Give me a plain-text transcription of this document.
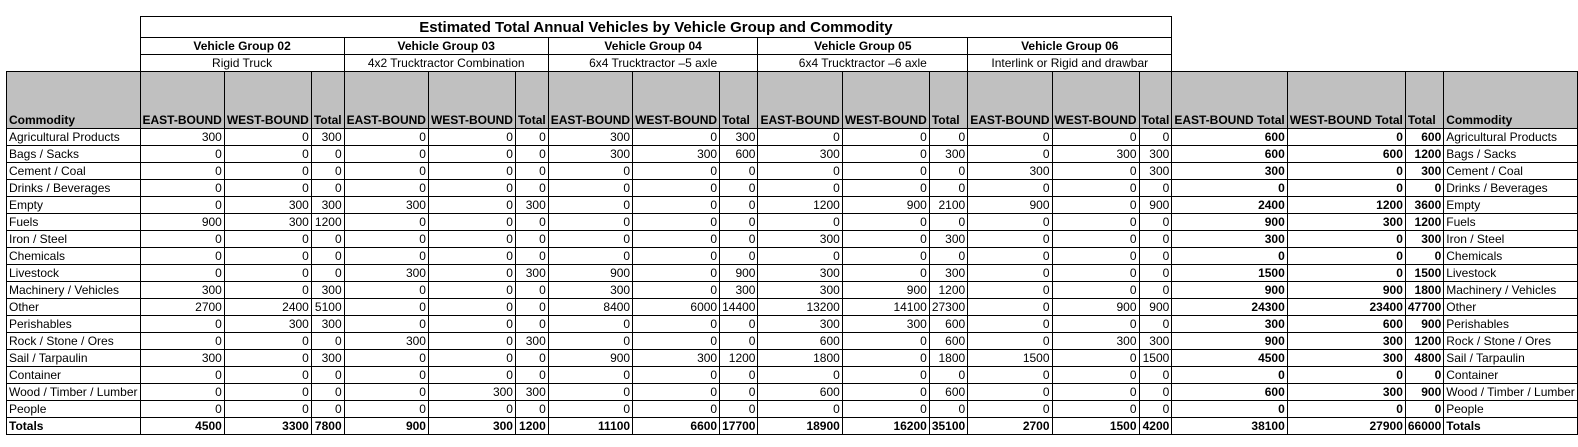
	Estimated Total Annual Vehicles by Vehicle Group and Commodity																		
	Vehicle Group 02			Vehicle Group 03			Vehicle Group 04			Vehicle Group 05			Vehicle Group 06						
	Rigid Truck			4x2 Trucktractor Combination			6x4 Trucktractor –5 axle			6x4 Trucktractor –6 axle			Interlink or Rigid and drawbar						
Commodity	EAST-BOUND	WEST-BOUND	Total	EAST-BOUND	WEST-BOUND	Total	EAST-BOUND	WEST-BOUND	Total	EAST-BOUND	WEST-BOUND	Total	EAST-BOUND	WEST-BOUND	Total	EAST-BOUND Total	WEST-BOUND Total	Total	Commodity
Agricultural Products	300	0	300	0	0	0	300	0	300	0	0	0	0	0	0	600	0	600	Agricultural Products
Bags / Sacks	0	0	0	0	0	0	300	300	600	300	0	300	0	300	300	600	600	1200	Bags / Sacks
Cement / Coal	0	0	0	0	0	0	0	0	0	0	0	0	300	0	300	300	0	300	Cement / Coal
Drinks / Beverages	0	0	0	0	0	0	0	0	0	0	0	0	0	0	0	0	0	0	Drinks / Beverages
Empty	0	300	300	300	0	300	0	0	0	1200	900	2100	900	0	900	2400	1200	3600	Empty
Fuels	900	300	1200	0	0	0	0	0	0	0	0	0	0	0	0	900	300	1200	Fuels
Iron / Steel	0	0	0	0	0	0	0	0	0	300	0	300	0	0	0	300	0	300	Iron / Steel
Chemicals	0	0	0	0	0	0	0	0	0	0	0	0	0	0	0	0	0	0	Chemicals
Livestock	0	0	0	300	0	300	900	0	900	300	0	300	0	0	0	1500	0	1500	Livestock
Machinery / Vehicles	300	0	300	0	0	0	300	0	300	300	900	1200	0	0	0	900	900	1800	Machinery / Vehicles
Other	2700	2400	5100	0	0	0	8400	6000	14400	13200	14100	27300	0	900	900	24300	23400	47700	Other
Perishables	0	300	300	0	0	0	0	0	0	300	300	600	0	0	0	300	600	900	Perishables
Rock / Stone / Ores	0	0	0	300	0	300	0	0	0	600	0	600	0	300	300	900	300	1200	Rock / Stone / Ores
Sail / Tarpaulin	300	0	300	0	0	0	900	300	1200	1800	0	1800	1500	0	1500	4500	300	4800	Sail / Tarpaulin
Container	0	0	0	0	0	0	0	0	0	0	0	0	0	0	0	0	0	0	Container
Wood / Timber / Lumber	0	0	0	0	300	300	0	0	0	600	0	600	0	0	0	600	300	900	Wood / Timber / Lumber
People	0	0	0	0	0	0	0	0	0	0	0	0	0	0	0	0	0	0	People
Totals	4500	3300	7800	900	300	1200	11100	6600	17700	18900	16200	35100	2700	1500	4200	38100	27900	66000	Totals
